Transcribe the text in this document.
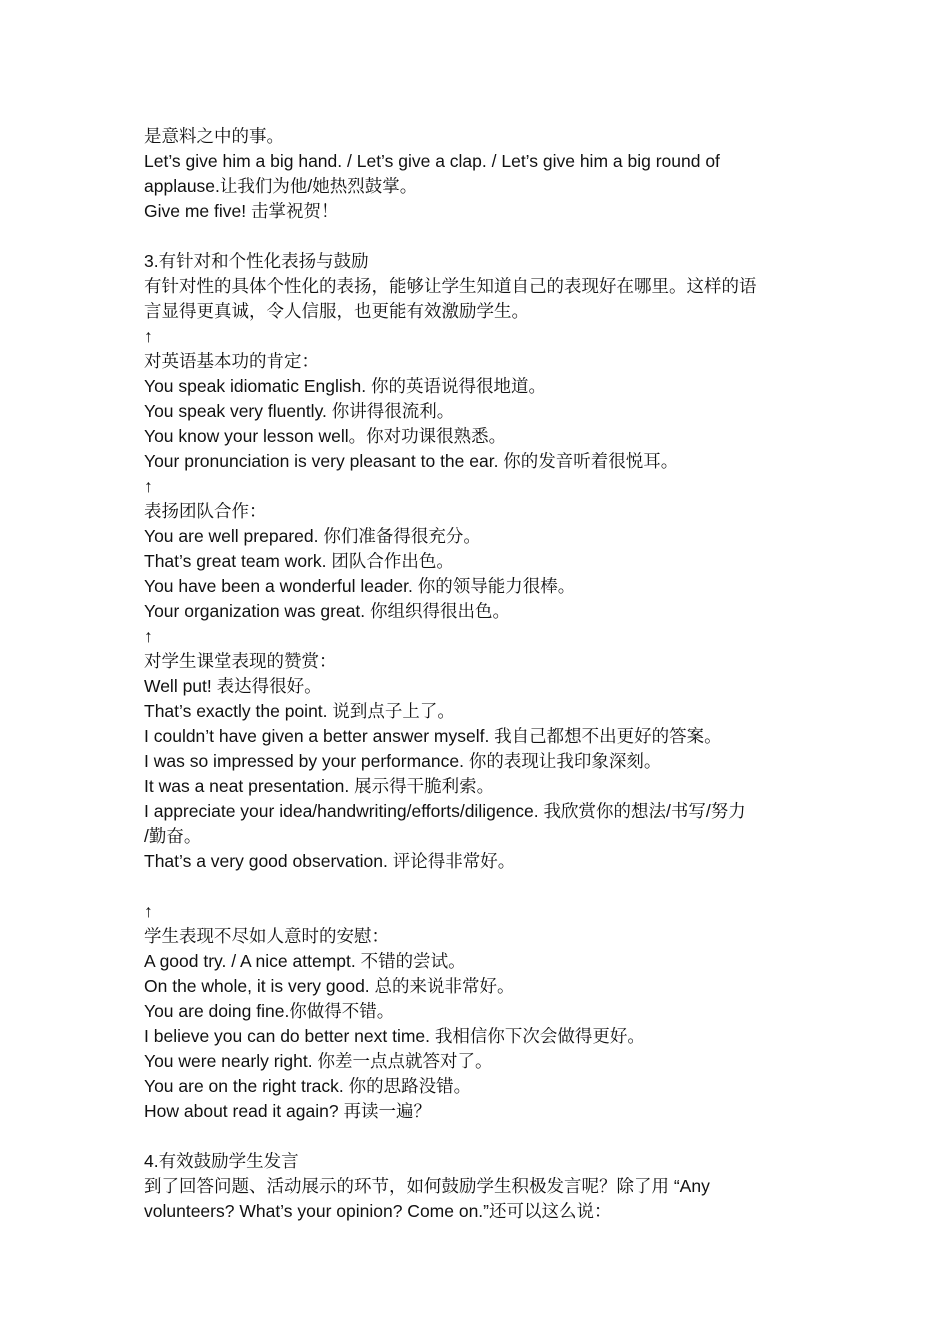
是意料之中的事。
Let’s give him a big hand. / Let’s give a clap. / Let’s give him a big round of
applause.让我们为他/她热烈鼓掌。
Give me five! 击掌祝贺！
3.有针对和个性化表扬与鼓励
有针对性的具体个性化的表扬，能够让学生知道自己的表现好在哪里。这样的语
言显得更真诚，令人信服，也更能有效激励学生。
↑
对英语基本功的肯定：
You speak idiomatic English. 你的英语说得很地道。
You speak very fluently. 你讲得很流利。
You know your lesson well。你对功课很熟悉。
Your pronunciation is very pleasant to the ear. 你的发音听着很悦耳。
↑
表扬团队合作：
You are well prepared. 你们准备得很充分。
That’s great team work. 团队合作出色。
You have been a wonderful leader. 你的领导能力很棒。
Your organization was great. 你组织得很出色。
↑
对学生课堂表现的赞赏：
Well put! 表达得很好。
That’s exactly the point. 说到点子上了。
I couldn’t have given a better answer myself. 我自己都想不出更好的答案。
I was so impressed by your performance. 你的表现让我印象深刻。
It was a neat presentation. 展示得干脆利索。
I appreciate your idea/handwriting/efforts/diligence. 我欣赏你的想法/书写/努力
/勤奋。
That’s a very good observation. 评论得非常好。
↑
学生表现不尽如人意时的安慰：
A good try. / A nice attempt. 不错的尝试。
On the whole, it is very good. 总的来说非常好。
You are doing fine.你做得不错。
I believe you can do better next time. 我相信你下次会做得更好。
You were nearly right. 你差一点点就答对了。
You are on the right track. 你的思路没错。
How about read it again? 再读一遍？
4.有效鼓励学生发言
到了回答问题、活动展示的环节，如何鼓励学生积极发言呢？除了用 “Any
volunteers? What’s your opinion? Come on.”还可以这么说：
